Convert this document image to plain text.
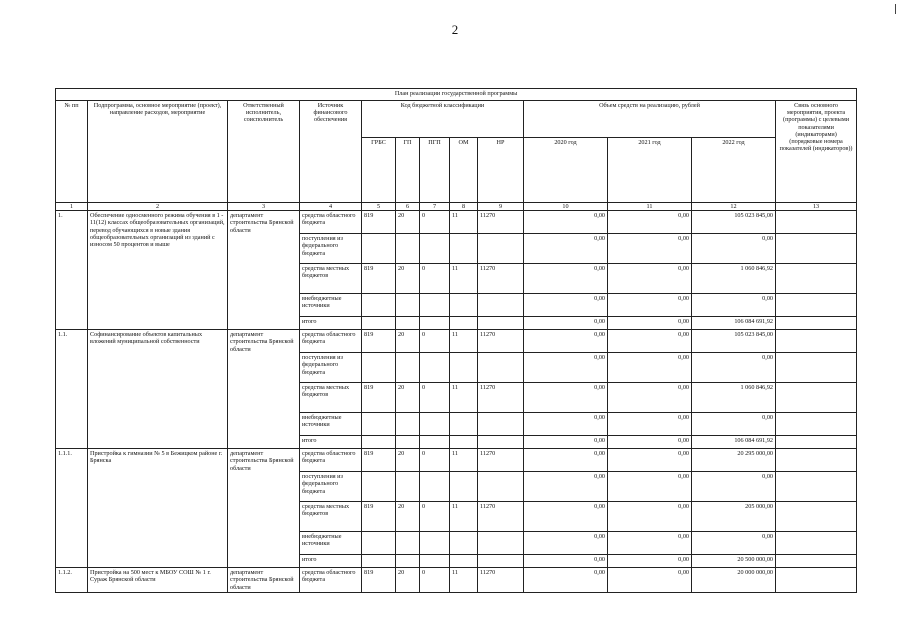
2
План реализации государственной программы												
№ пп	Подпрограмма, основное мероприятие (проект), направление расходов, мероприятие	Ответственный исполнитель, соисполнитель	Источник финансового обеспечения	Код бюджетной классификации					Объем средств на реализацию, рублей			Связь основного мероприятия, проекта (программы) с целевыми показателями (индикаторами) (порядковые номера показателей (индикаторов))
				ГРБС	ГП	ПГП	ОМ	НР	2020 год	2021 год	2022 год	
1	2	3	4	5	6	7	8	9	10	11	12	13
1.	Обеспечение односменного режима обучения в 1 - 11(12) классах общеобразовательных организаций, перевод обучающихся в новые здания общеобразовательных организаций из зданий с износом 50 процентов и выше	департамент строительства Брянской области	средства областного бюджета	819	20	0	11	11270	0,00	0,00	105 023 845,00	
			поступления из федерального бюджета						0,00	0,00	0,00	
			средства местных бюджетов	819	20	0	11	11270	0,00	0,00	1 060 846,92	
			внебюджетные источники						0,00	0,00	0,00	
			итого						0,00	0,00	106 084 691,92	
1.1.	Софинансирование объектов капитальных вложений муниципальной собственности	департамент строительства Брянской области	средства областного бюджета	819	20	0	11	11270	0,00	0,00	105 023 845,00	
			поступления из федерального бюджета						0,00	0,00	0,00	
			средства местных бюджетов	819	20	0	11	11270	0,00	0,00	1 060 846,92	
			внебюджетные источники						0,00	0,00	0,00	
			итого						0,00	0,00	106 084 691,92	
1.1.1.	Пристройка к гимназии № 5 в Бежицком районе г. Брянска	департамент строительства Брянской области	средства областного бюджета	819	20	0	11	11270	0,00	0,00	20 295 000,00	
			поступления из федерального бюджета						0,00	0,00	0,00	
			средства местных бюджетов	819	20	0	11	11270	0,00	0,00	205 000,00	
			внебюджетные источники						0,00	0,00	0,00	
			итого						0,00	0,00	20 500 000,00	
1.1.2.	Пристройка на 500 мест к МБОУ СОШ № 1 г. Сураж Брянской области	департамент строительства Брянской области	средства областного бюджета	819	20	0	11	11270	0,00	0,00	20 000 000,00	
